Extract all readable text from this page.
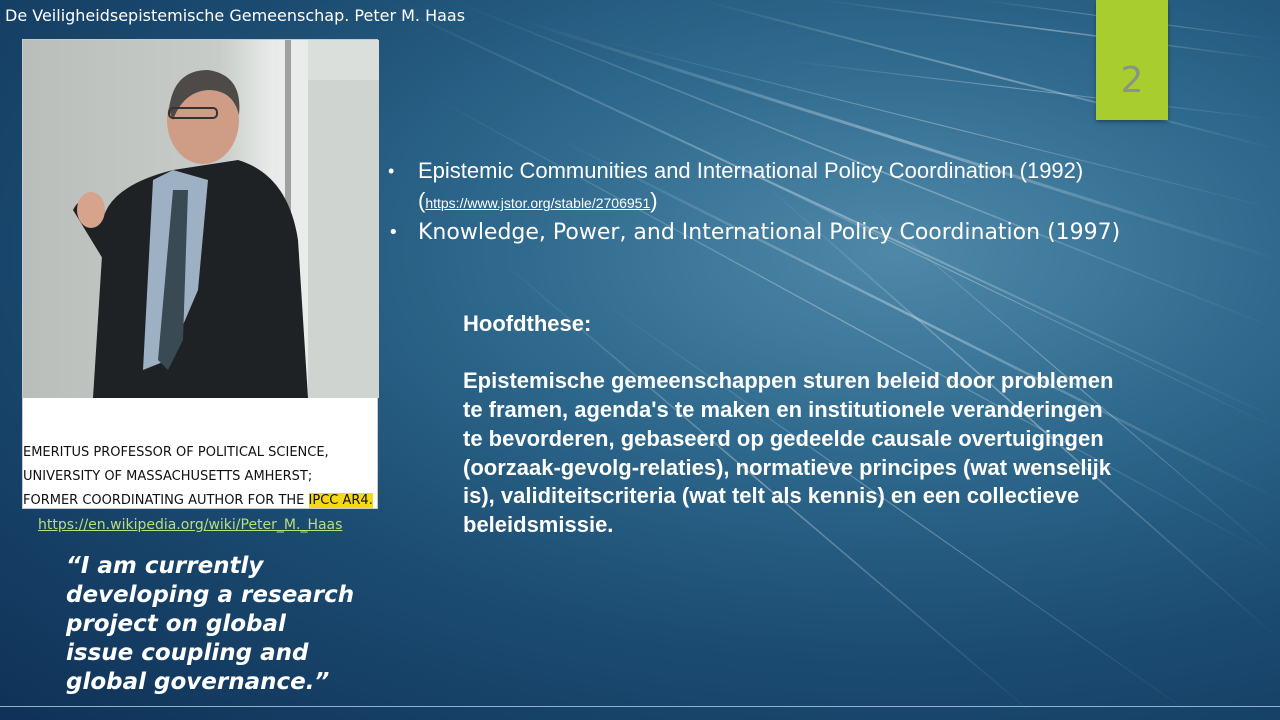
De Veiligheidsepistemische Gemeenschap. Peter M. Haas
2
EMERITUS PROFESSOR OF POLITICAL SCIENCE,
UNIVERSITY OF MASSACHUSETTS AMHERST;
FORMER COORDINATING AUTHOR FOR THE IPCC AR4.
https://en.wikipedia.org/wiki/Peter_M._Haas
“I am currently developing a research project on global issue coupling and global governance.”
• Epistemic Communities and International Policy Coordination (1992)
(https://www.jstor.org/stable/2706951)
• Knowledge, Power, and International Policy Coordination (1997)
Hoofdthese:
Epistemische gemeenschappen sturen beleid door problemen te framen, agenda's te maken en institutionele veranderingen te bevorderen, gebaseerd op gedeelde causale overtuigingen (oorzaak-gevolg-relaties), normatieve principes (wat wenselijk is), validiteitscriteria (wat telt als kennis) en een collectieve beleidsmissie.
